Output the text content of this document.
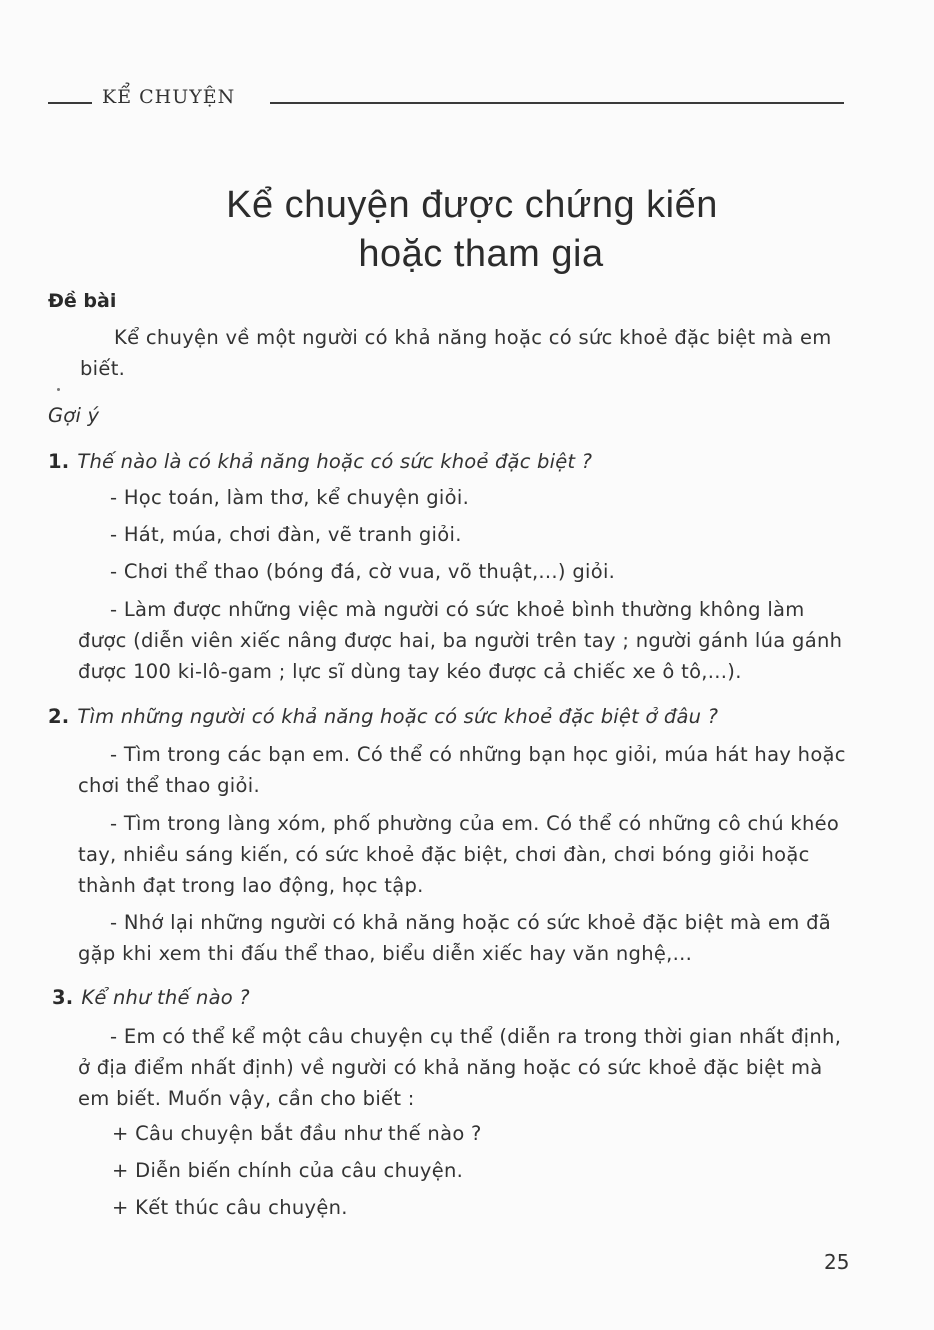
KỂ CHUYỆN
Kể chuyện được chứng kiến
hoặc tham gia
Đề bài
Kể chuyện về một người có khả năng hoặc có sức khoẻ đặc biệt mà em biết.
Gợi ý
1. Thế nào là có khả năng hoặc có sức khoẻ đặc biệt ?
- Học toán, làm thơ, kể chuyện giỏi.
- Hát, múa, chơi đàn, vẽ tranh giỏi.
- Chơi thể thao (bóng đá, cờ vua, võ thuật,...) giỏi.
- Làm được những việc mà người có sức khoẻ bình thường không làm được (diễn viên xiếc nâng được hai, ba người trên tay ; người gánh lúa gánh được 100 ki-lô-gam ; lực sĩ dùng tay kéo được cả chiếc xe ô tô,...).
2. Tìm những người có khả năng hoặc có sức khoẻ đặc biệt ở đâu ?
- Tìm trong các bạn em. Có thể có những bạn học giỏi, múa hát hay hoặc chơi thể thao giỏi.
- Tìm trong làng xóm, phố phường của em. Có thể có những cô chú khéo tay, nhiều sáng kiến, có sức khoẻ đặc biệt, chơi đàn, chơi bóng giỏi hoặc thành đạt trong lao động, học tập.
- Nhớ lại những người có khả năng hoặc có sức khoẻ đặc biệt mà em đã gặp khi xem thi đấu thể thao, biểu diễn xiếc hay văn nghệ,...
3. Kể như thế nào ?
- Em có thể kể một câu chuyện cụ thể (diễn ra trong thời gian nhất định, ở địa điểm nhất định) về người có khả năng hoặc có sức khoẻ đặc biệt mà em biết. Muốn vậy, cần cho biết :
+ Câu chuyện bắt đầu như thế nào ?
+ Diễn biến chính của câu chuyện.
+ Kết thúc câu chuyện.
25
